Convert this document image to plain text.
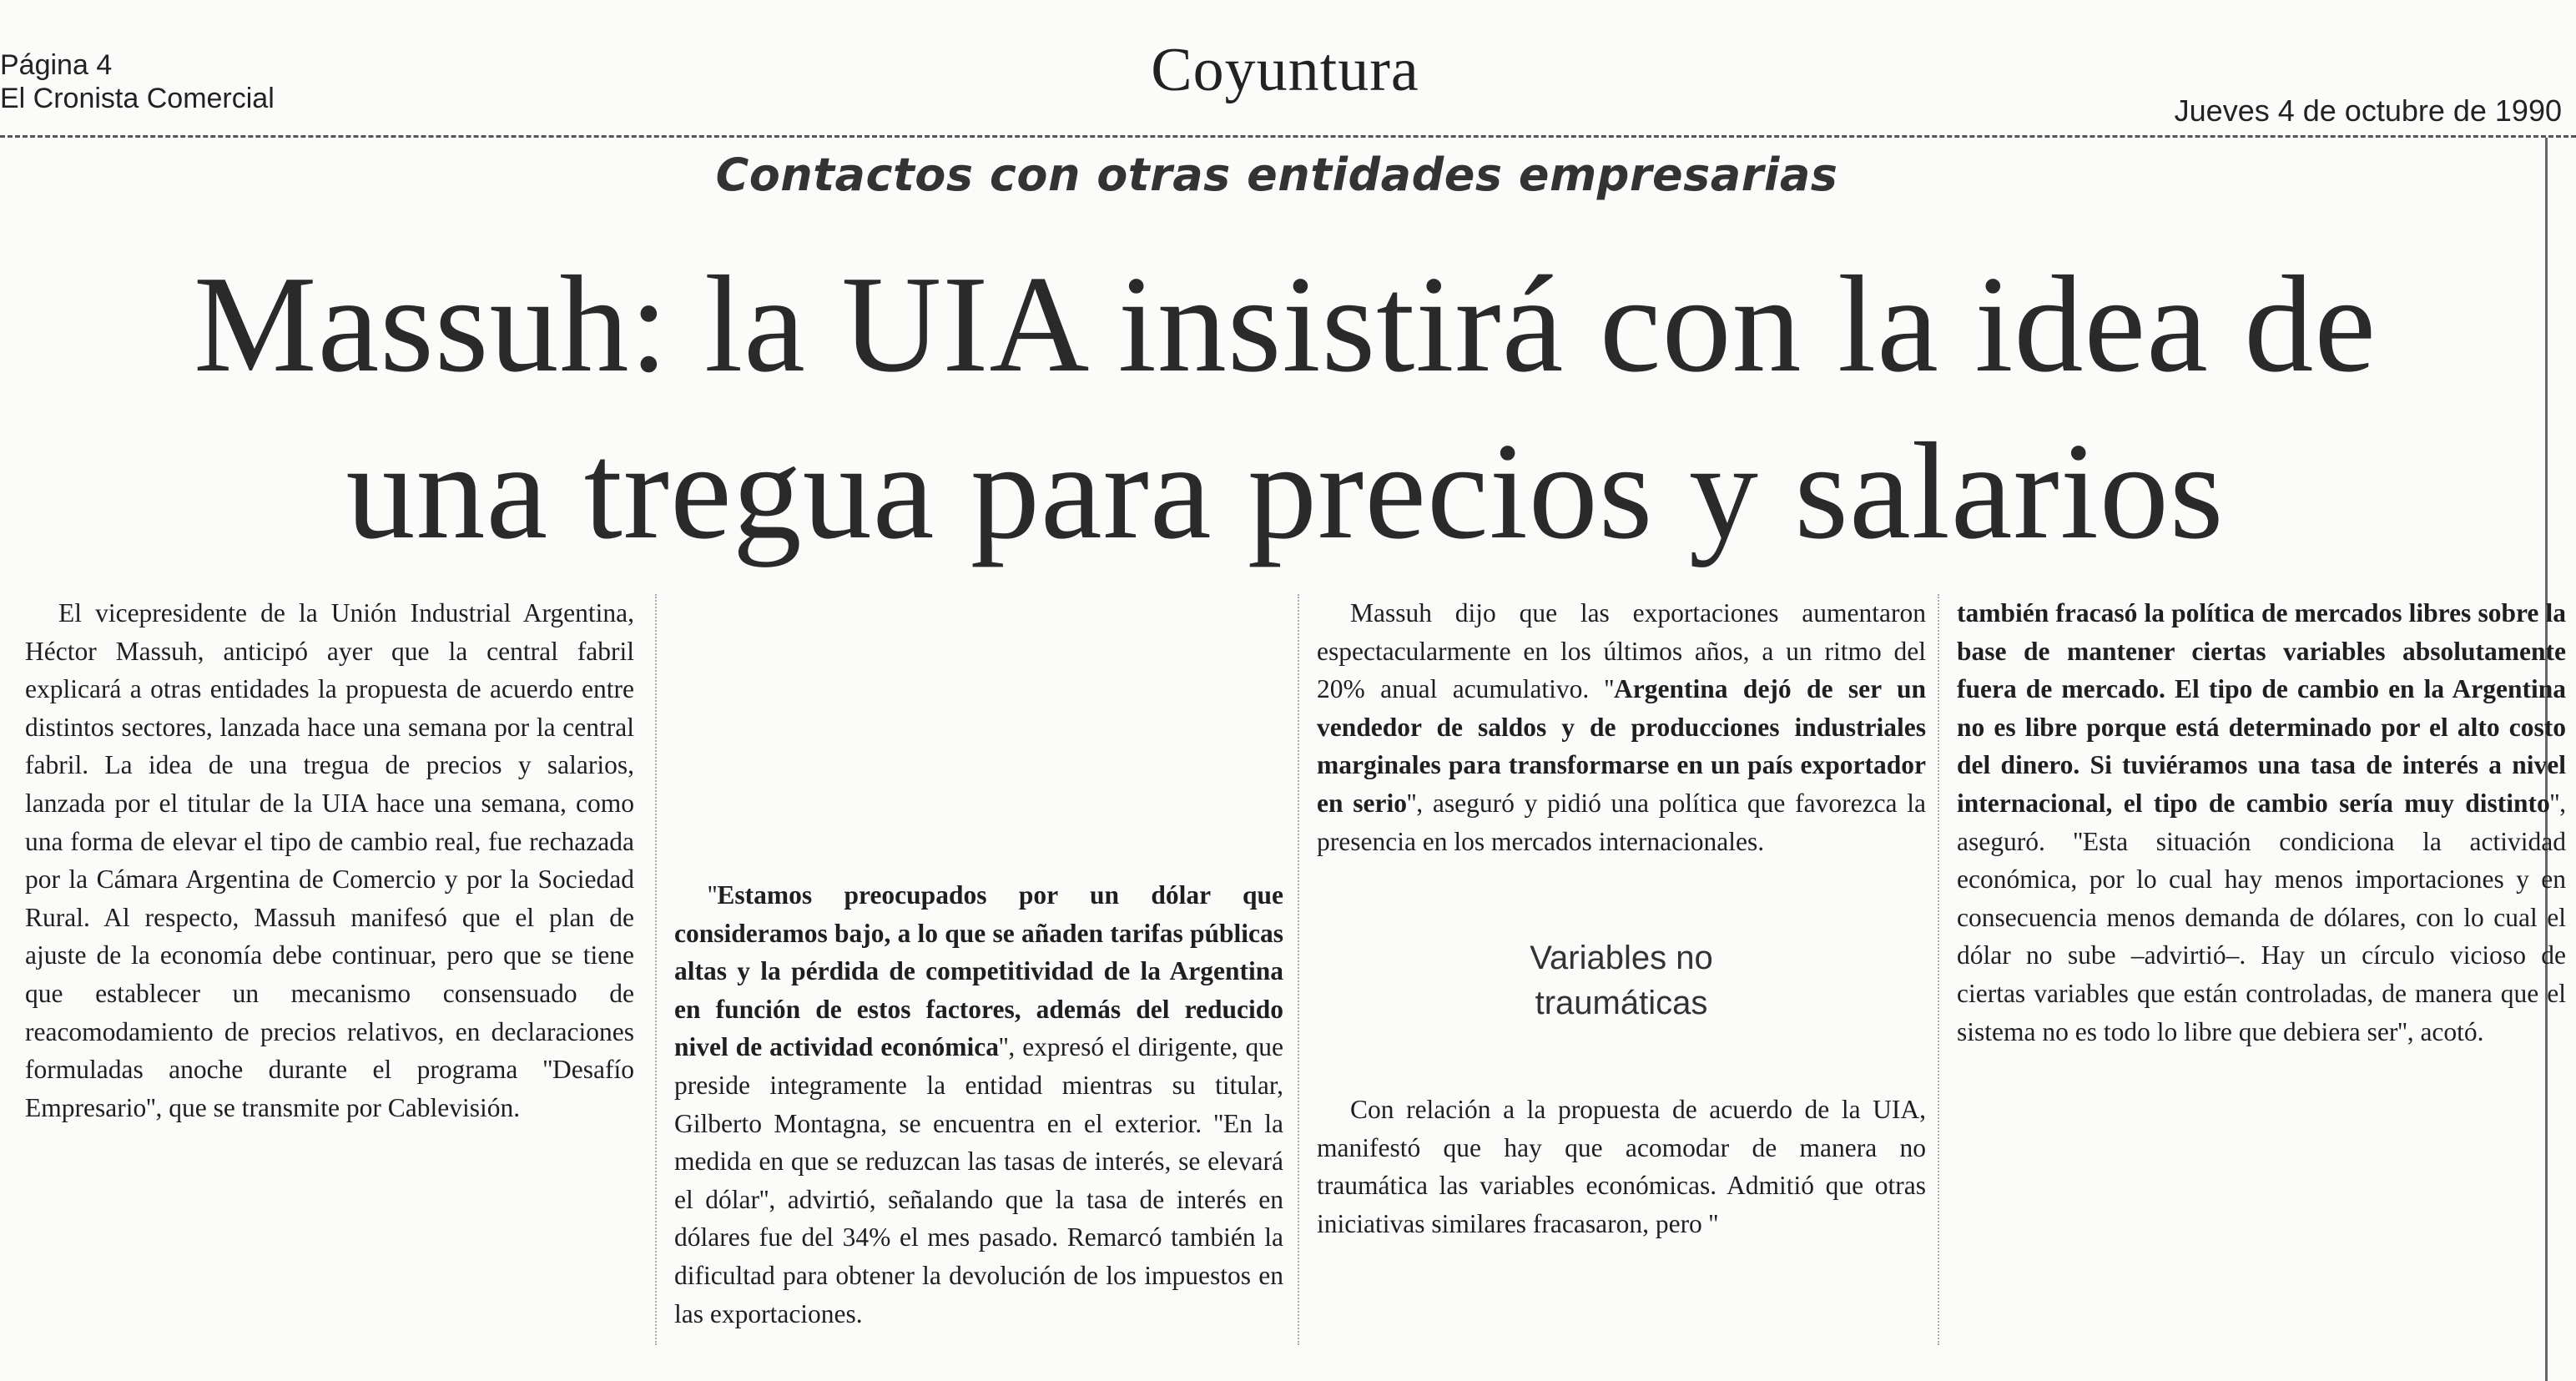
Página 4
El Cronista Comercial	Coyuntura
Jueves 4 de octubre de 1990
Contactos con otras entidades empresarias
Massuh: la UIA insistirá con la idea de
una tregua para precios y salarios

El vicepresidente de la Unión Industrial Argentina, Héctor Massuh, anticipó ayer que la central fabril explicará a otras entidades la propuesta de acuerdo entre distintos sectores, lanzada hace una semana por la central fabril. La idea de una tregua de precios y salarios, lanzada por el titular de la UIA hace una semana, como una forma de elevar el tipo de cambio real, fue rechazada por la Cámara Argentina de Comercio y por la Sociedad Rural. Al respecto, Massuh manifesó que el plan de ajuste de la economía debe continuar, pero que se tiene que establecer un mecanismo consensuado de reacomodamiento de precios relativos, en declaraciones formuladas anoche durante el programa ''Desafío Empresario'', que se transmite por Cablevisión.

''Estamos preocupados por un dólar que consideramos bajo, a lo que se añaden tarifas públicas altas y la pérdida de competitividad de la Argentina en función de estos factores, además del reducido nivel de actividad económica'', expresó el dirigente, que preside integramente la entidad mientras su titular, Gilberto Montagna, se encuentra en el exterior. ''En la medida en que se reduzcan las tasas de interés, se elevará el dólar'', advirtió, señalando que la tasa de interés en dólares fue del 34% el mes pasado. Remarcó también la dificultad para obtener la devolución de los impuestos en las exportaciones.

Massuh dijo que las exportaciones aumentaron espectacularmente en los últimos años, a un ritmo del 20% anual acumulativo. ''Argentina dejó de ser un vendedor de saldos y de producciones industriales marginales para transformarse en un país exportador en serio'', aseguró y pidió una política que favorezca la presencia en los mercados internacionales.

Variables no
traumáticas

Con relación a la propuesta de acuerdo de la UIA, manifestó que hay que acomodar de manera no traumática las variables económicas. Admitió que otras iniciativas similares fracasaron, pero ''

también fracasó la política de mercados libres sobre la base de mantener ciertas variables absolutamente fuera de mercado. El tipo de cambio en la Argentina no es libre porque está determinado por el alto costo del dinero. Si tuviéramos una tasa de interés a nivel internacional, el tipo de cambio sería muy distinto'', aseguró. ''Esta situación condiciona la actividad económica, por lo cual hay menos importaciones y en consecuencia menos demanda de dólares, con lo cual el dólar no sube –advirtió–. Hay un círculo vicioso de ciertas variables que están controladas, de manera que el sistema no es todo lo libre que debiera ser'', acotó.
